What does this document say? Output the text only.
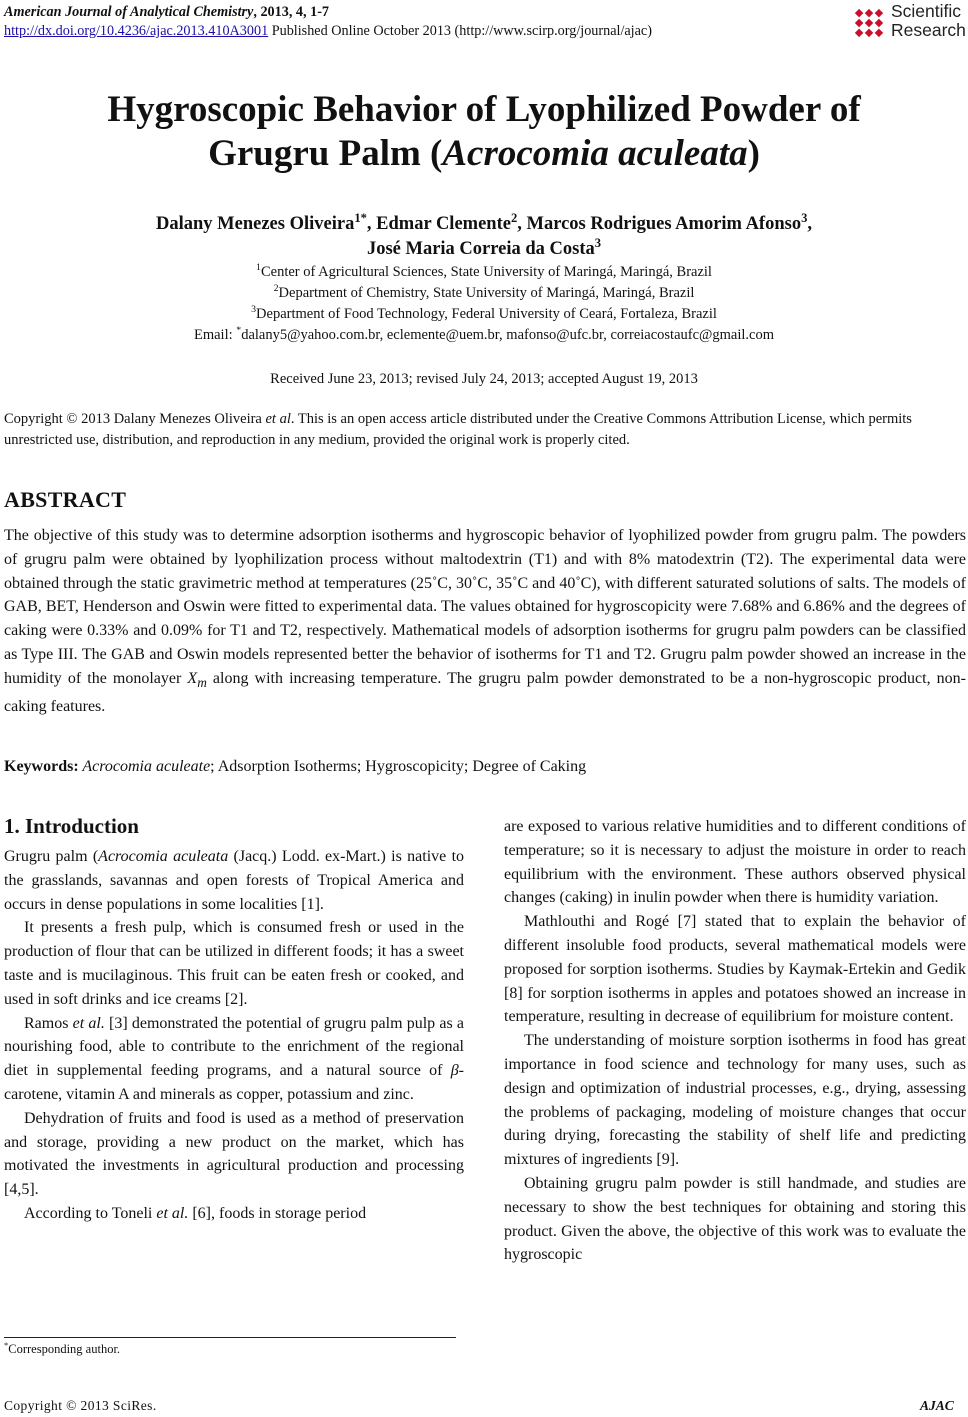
American Journal of Analytical Chemistry, 2013, 4, 1-7
http://dx.doi.org/10.4236/ajac.2013.410A3001 Published Online October 2013 (http://www.scirp.org/journal/ajac)
Scientific
Research
Hygroscopic Behavior of Lyophilized Powder of
Grugru Palm (Acrocomia aculeata)
Dalany Menezes Oliveira$^{1*}$, Edmar Clemente$^2$, Marcos Rodrigues Amorim Afonso$^3$,
José Maria Correia da Costa$^3$
$^1$Center of Agricultural Sciences, State University of Maringá, Maringá, Brazil
$^2$Department of Chemistry, State University of Maringá, Maringá, Brazil
$^3$Department of Food Technology, Federal University of Ceará, Fortaleza, Brazil
Email: *dalany5@yahoo.com.br, eclemente@uem.br, mafonso@ufc.br, correiacostaufc@gmail.com
Received June 23, 2013; revised July 24, 2013; accepted August 19, 2013
Copyright © 2013 Dalany Menezes Oliveira et al. This is an open access article distributed under the Creative Commons Attribution License, which permits unrestricted use, distribution, and reproduction in any medium, provided the original work is properly cited.
ABSTRACT
The objective of this study was to determine adsorption isotherms and hygroscopic behavior of lyophilized powder from grugru palm. The powders of grugru palm were obtained by lyophilization process without maltodextrin (T1) and with 8% matodextrin (T2). The experimental data were obtained through the static gravimetric method at temperatures (25˚C, 30˚C, 35˚C and 40˚C), with different saturated solutions of salts. The models of GAB, BET, Henderson and Oswin were fitted to experimental data. The values obtained for hygroscopicity were 7.68% and 6.86% and the degrees of caking were 0.33% and 0.09% for T1 and T2, respectively. Mathematical models of adsorption isotherms for grugru palm powders can be classified as Type III. The GAB and Oswin models represented better the behavior of isotherms for T1 and T2. Grugru palm powder showed an increase in the humidity of the monolayer $X_m$ along with increasing temperature. The grugru palm powder demonstrated to be a non-hygroscopic product, non-caking features.
Keywords: Acrocomia aculeate; Adsorption Isotherms; Hygroscopicity; Degree of Caking
1. Introduction

Grugru palm (Acrocomia aculeata (Jacq.) Lodd. ex-Mart.) is native to the grasslands, savannas and open forests of Tropical America and occurs in dense populations in some localities [1].

It presents a fresh pulp, which is consumed fresh or used in the production of flour that can be utilized in different foods; it has a sweet taste and is mucilaginous. This fruit can be eaten fresh or cooked, and used in soft drinks and ice creams [2].

Ramos et al. [3] demonstrated the potential of grugru palm pulp as a nourishing food, able to contribute to the enrichment of the regional diet in supplemental feeding programs, and a natural source of β-carotene, vitamin A and minerals as copper, potassium and zinc.

Dehydration of fruits and food is used as a method of preservation and storage, providing a new product on the market, which has motivated the investments in agricultural production and processing [4,5].

According to Toneli et al. [6], foods in storage period

are exposed to various relative humidities and to different conditions of temperature; so it is necessary to adjust the moisture in order to reach equilibrium with the environment. These authors observed physical changes (caking) in inulin powder when there is humidity variation.

Mathlouthi and Rogé [7] stated that to explain the behavior of different insoluble food products, several mathematical models were proposed for sorption isotherms. Studies by Kaymak-Ertekin and Gedik [8] for sorption isotherms in apples and potatoes showed an increase in temperature, resulting in decrease of equilibrium for moisture content.

The understanding of moisture sorption isotherms in food has great importance in food science and technology for many uses, such as design and optimization of industrial processes, e.g., drying, assessing the problems of packaging, modeling of moisture changes that occur during drying, forecasting the stability of shelf life and predicting mixtures of ingredients [9].

Obtaining grugru palm powder is still handmade, and studies are necessary to show the best techniques for obtaining and storing this product. Given the above, the objective of this work was to evaluate the hygroscopic

*Corresponding author.
Copyright © 2013 SciRes.	AJAC
